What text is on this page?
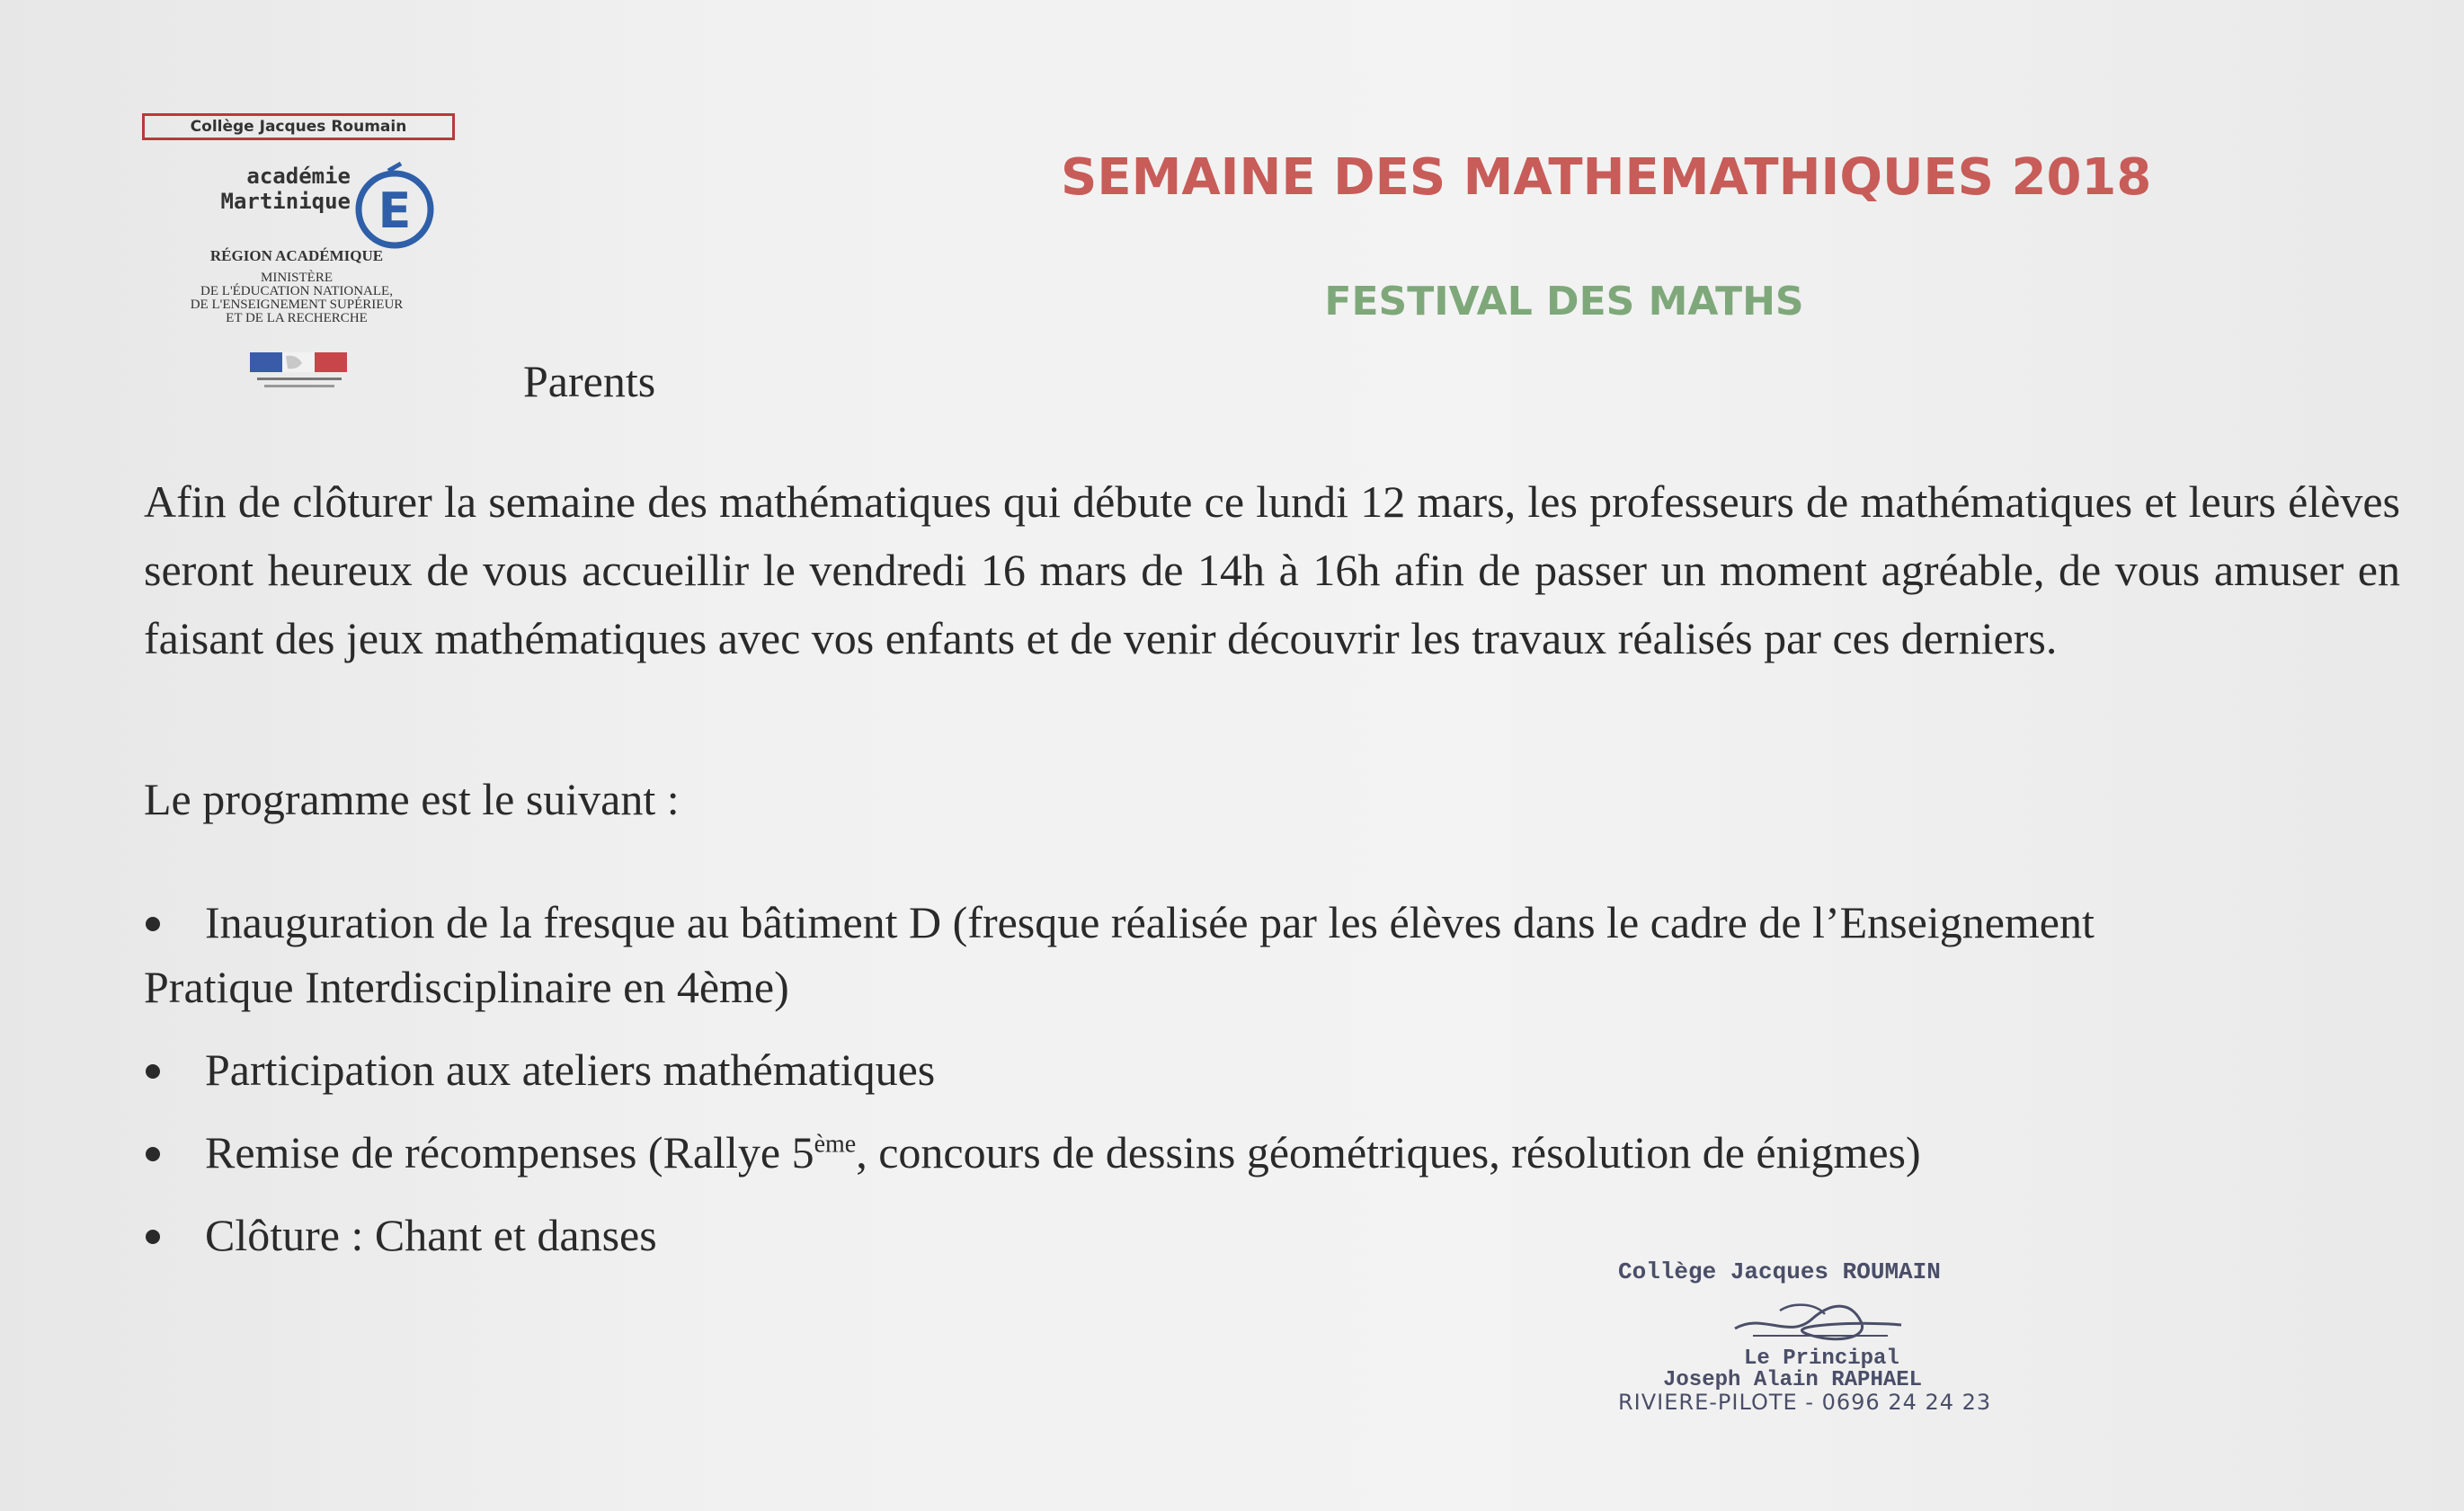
Collège Jacques Roumain
académie
Martinique E
RÉGION ACADÉMIQUE
MINISTÈRE
DE L'ÉDUCATION NATIONALE,
DE L'ENSEIGNEMENT SUPÉRIEUR
ET DE LA RECHERCHE
SEMAINE DES MATHEMATHIQUES 2018
FESTIVAL DES MATHS
Parents
Afin de clôturer la semaine des mathématiques qui débute ce lundi 12 mars, les professeurs de mathématiques et leurs élèves seront heureux de vous accueillir le vendredi 16 mars de 14h à 16h afin de passer un moment agréable, de vous amuser en faisant des jeux mathématiques avec vos enfants et de venir découvrir les travaux réalisés par ces derniers.
Le programme est le suivant :
Inauguration de la fresque au bâtiment D (fresque réalisée par les élèves dans le cadre de l’Enseignement
Pratique Interdisciplinaire en 4ème)
Participation aux ateliers mathématiques
Remise de récompenses (Rallye 5ème, concours de dessins géométriques, résolution de énigmes)
Clôture : Chant et danses
Collège Jacques ROUMAIN
Le Principal
Joseph Alain RAPHAEL
RIVIERE-PILOTE - 0696 24 24 23
